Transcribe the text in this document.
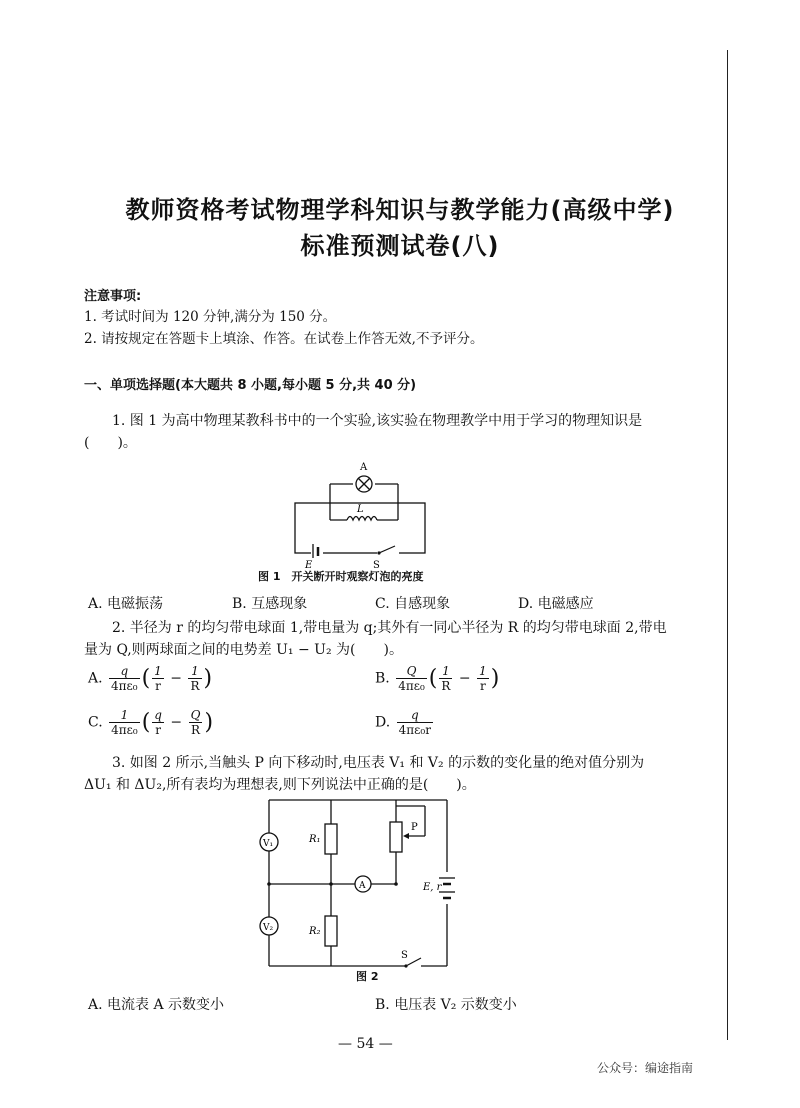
教师资格考试物理学科知识与教学能力(高级中学)
标准预测试卷(八)
注意事项:
1. 考试时间为 120 分钟,满分为 150 分。
2. 请按规定在答题卡上填涂、作答。在试卷上作答无效,不予评分。
一、单项选择题(本大题共 8 小题,每小题 5 分,共 40 分)
1. 图 1 为高中物理某教科书中的一个实验,该实验在物理教学中用于学习的物理知识是(　　)。
A
L
E	S
图 1　开关断开时观察灯泡的亮度
A. 电磁振荡	B. 互感现象	C. 自感现象	D. 电磁感应
2. 半径为 r 的均匀带电球面 1,带电量为 q;其外有一同心半径为 R 的均匀带电球面 2,带电量为 Q,则两球面之间的电势差 U₁ − U₂ 为(　　)。
A. $\frac{q}{\text{4πε₀}}$ ( $\frac{1}{r} - \frac{1}{R}$ )	B. $\frac{Q}{\text{4πε₀}}$ ( $\frac{1}{R} - \frac{1}{r}$ )
C. $\frac{1}{\text{4πε₀}}$ ( $\frac{q}{r} - \frac{Q}{R}$ )	D. $\frac{q}{\text{4πε₀r}}$
3. 如图 2 所示,当触头 P 向下移动时,电压表 V₁ 和 V₂ 的示数的变化量的绝对值分别为 ΔU₁ 和 ΔU₂,所有表均为理想表,则下列说法中正确的是(　　)。
V₁
V₂
R₁
R₂
P
A	E, r
S
图 2
A. 电流表 A 示数变小	B. 电压表 V₂ 示数变小
— 54 —
公众号：编途指南
